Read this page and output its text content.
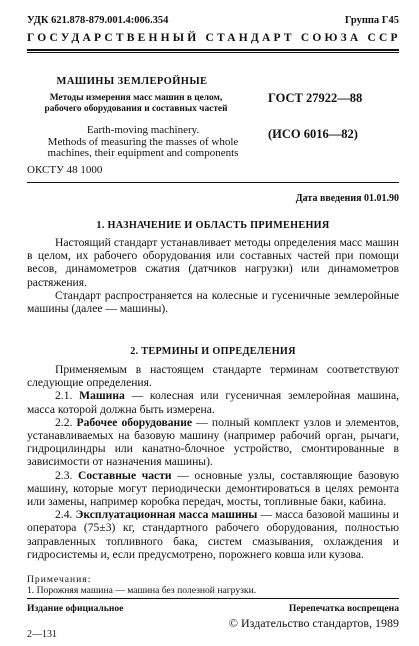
УДК 621.878-879.001.4:006.354	Группа Г45
ГОСУДАРСТВЕННЫЙ СТАНДАРТ СОЮЗА ССР
МАШИНЫ ЗЕМЛЕРОЙНЫЕ
Методы измерения масс машин в целом,
рабочего оборудования и составных частей
Earth-moving machinery.
Methods of measuring the masses of whole
machines, their equipment and components
ОКСТУ 48 1000
ГОСТ 27922—88
(ИСО 6016—82)
Дата введения 01.01.90
1. НАЗНАЧЕНИЕ И ОБЛАСТЬ ПРИМЕНЕНИЯ

Настоящий стандарт устанавливает методы определения масс машин в целом, их рабочего оборудования или составных частей при помощи весов, динамометров сжатия (датчиков нагрузки) или динамометров растяжения.

Стандарт распространяется на колесные и гусеничные землеройные машины (далее — машины).

2. ТЕРМИНЫ И ОПРЕДЕЛЕНИЯ

Применяемым в настоящем стандарте терминам соответствуют следующие определения.

2.1. Машина — колесная или гусеничная землеройная машина, масса которой должна быть измерена.

2.2. Рабочее оборудование — полный комплект узлов и элементов, устанавливаемых на базовую машину (например рабочий орган, рычаги, гидроцилиндры или канатно-блочное устройство, смонтированные в зависимости от назначения машины).

2.3. Составные части — основные узлы, составляющие базовую машину, которые могут периодически демонтироваться в целях ремонта или замены, например коробка передач, мосты, топливные баки, кабина.

2.4. Эксплуатационная масса машины — масса базовой машины и оператора (75±3) кг, стандартного рабочего оборудования, полностью заправленных топливного бака, систем смазывания, охлаждения и гидросистемы и, если предусмотрено, порожнего ковша или кузова.

Примечания:
1. Порожняя машина — машина без полезной нагрузки.
Издание официальное	Перепечатка воспрещена
© Издательство стандартов, 1989
2—131
